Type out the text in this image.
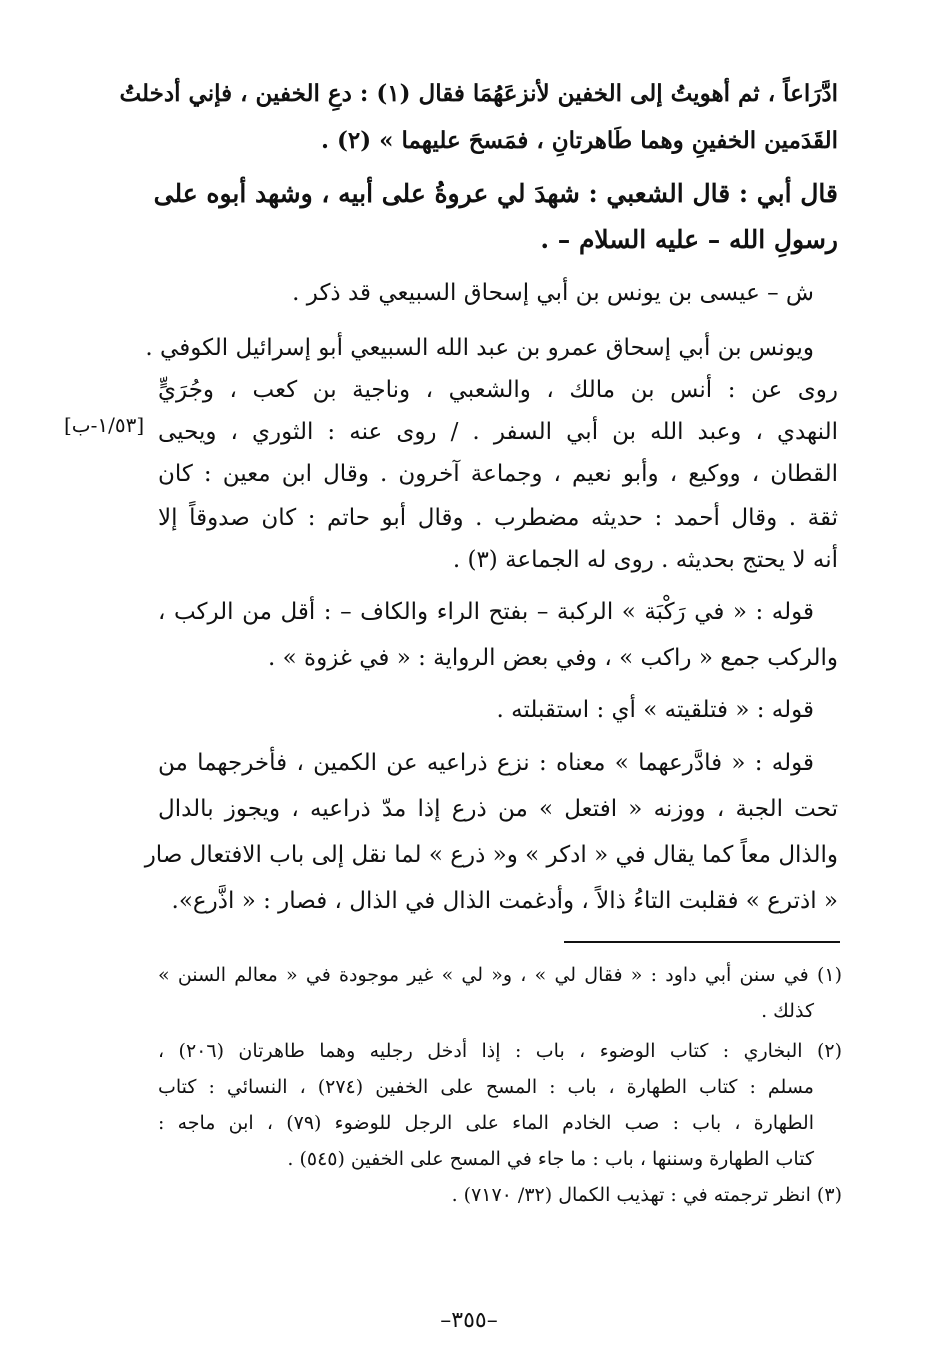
ادَّرَاعاً ، ثم أهويتُ إلى الخفين لأنزعَهُمَا فقال (١) : دعِ الخفين ، فإني أدخلتُ
القَدَمين الخفينِ وهما طَاهرتانِ ، فمَسحَ عليهما » (٢) .
قال أبي : قال الشعبي : شهدَ لي عروةُ على أبيه ، وشهد أبوه على
رسولِ الله – عليه السلام – .
ش – عيسى بن يونس بن أبي إسحاق السبيعي قد ذكر .
ويونس بن أبي إسحاق عمرو بن عبد الله السبيعي أبو إسرائيل الكوفي .
روى عن : أنس بن مالك ، والشعبي ، وناجية بن كعب ، وجُرَيٍّ
النهدي ، وعبد الله بن أبي السفر . / روى عنه : الثوري ، ويحيى
القطان ، ووكيع ، وأبو نعيم ، وجماعة آخرون . وقال ابن معين : كان
ثقة . وقال أحمد : حديثه مضطرب . وقال أبو حاتم : كان صدوقاً إلا
أنه لا يحتج بحديثه . روى له الجماعة (٣) .
[١/٥٣-ب]
قوله : « في رَكْبَة » الركبة – بفتح الراء والكاف – : أقل من الركب ،
والركب جمع « راكب » ، وفي بعض الرواية : « في غزوة » .
قوله : « فتلقيته » أي : استقبلته .
قوله : « فادَّرعهما » معناه : نزع ذراعيه عن الكمين ، فأخرجهما من
تحت الجبة ، ووزنه « افتعل » من ذرع إذا مدّ ذراعيه ، ويجوز بالدال
والذال معاً كما يقال في « ادكر » و« ذرع » لما نقل إلى باب الافتعال صار
« اذترع » فقلبت التاءُ ذالاً ، وأدغمت الذال في الذال ، فصار : « اذَّرع».
(١) في سنن أبي داود : « فقال لي » ، و« لي » غير موجودة في « معالم السنن »
كذلك .
(٢) البخاري : كتاب الوضوء ، باب : إذا أدخل رجليه وهما طاهرتان (٢٠٦) ،
مسلم : كتاب الطهارة ، باب : المسح على الخفين (٢٧٤) ، النسائي : كتاب
الطهارة ، باب : صب الخادم الماء على الرجل للوضوء (٧٩) ، ابن ماجه :
كتاب الطهارة وسننها ، باب : ما جاء في المسح على الخفين (٥٤٥) .
(٣) انظر ترجمته في : تهذيب الكمال (٣٢/ ٧١٧٠) .
–٣٥٥–
